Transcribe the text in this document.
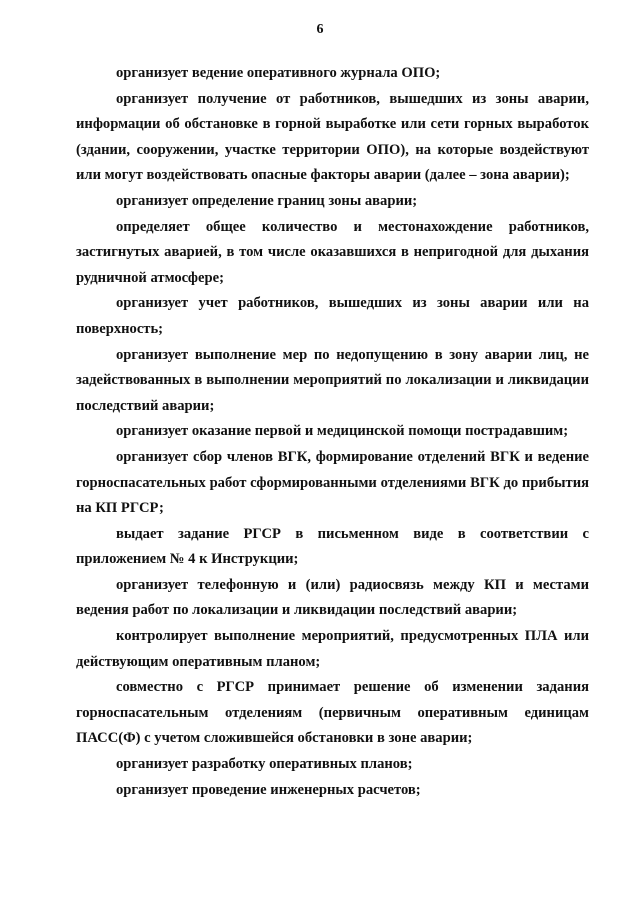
6

организует ведение оперативного журнала ОПО;

организует получение от работников, вышедших из зоны аварии, информации об обстановке в горной выработке или сети горных выработок (здании, сооружении, участке территории ОПО), на которые воздействуют или могут воздействовать опасные факторы аварии (далее – зона аварии);

организует определение границ зоны аварии;

определяет общее количество и местонахождение работников, застигнутых аварией, в том числе оказавшихся в непригодной для дыхания рудничной атмосфере;

организует учет работников, вышедших из зоны аварии или на поверхность;

организует выполнение мер по недопущению в зону аварии лиц, не задействованных в выполнении мероприятий по локализации и ликвидации последствий аварии;

организует оказание первой и медицинской помощи пострадавшим;

организует сбор членов ВГК, формирование отделений ВГК и ведение горноспасательных работ сформированными отделениями ВГК до прибытия на КП РГСР;

выдает задание РГСР в письменном виде в соответствии с приложением № 4 к Инструкции;

организует телефонную и (или) радиосвязь между КП и местами ведения работ по локализации и ликвидации последствий аварии;

контролирует выполнение мероприятий, предусмотренных ПЛА или действующим оперативным планом;

совместно с РГСР принимает решение об изменении задания горноспасательным отделениям (первичным оперативным единицам ПАСС(Ф) с учетом сложившейся обстановки в зоне аварии;

организует разработку оперативных планов;

организует проведение инженерных расчетов;
